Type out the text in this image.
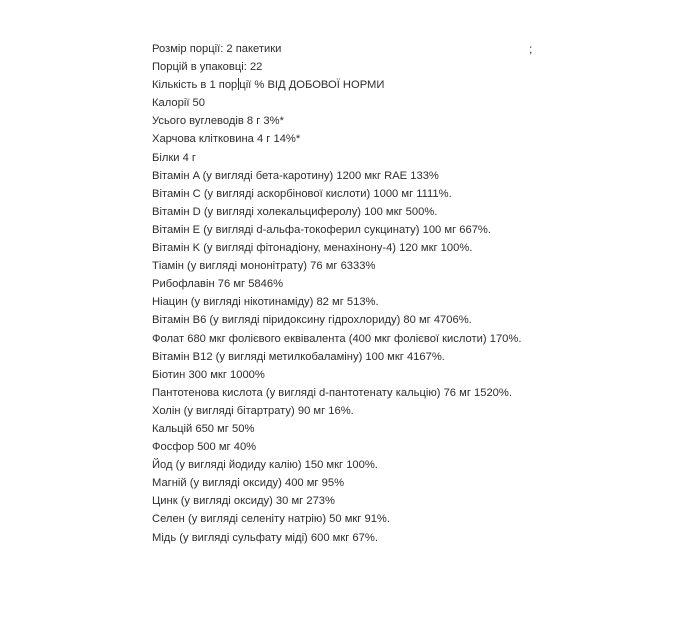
;

Розмір порції: 2 пакетики

Порцій в упаковці: 22

Кількість в 1 пор ції % ВІД ДОБОВОЇ НОРМИ

Калорії 50

Усього вуглеводів 8 г 3%*

Харчова клітковина 4 г 14%*

Білки 4 г

Вітамін A (у вигляді бета-каротину) 1200 мкг RAE 133%

Вітамін C (у вигляді аскорбінової кислоти) 1000 мг 1111%.

Вітамін D (у вигляді холекальциферолу) 100 мкг 500%.

Вітамін E (у вигляді d-альфа-токоферил сукцинату) 100 мг 667%.

Вітамін K (у вигляді фітонадіону, менахінону-4) 120 мкг 100%.

Тіамін (у вигляді мононітрату) 76 мг 6333%

Рибофлавін 76 мг 5846%

Ніацин (у вигляді нікотинаміду) 82 мг 513%.

Вітамін B6 (у вигляді піридоксину гідрохлориду) 80 мг 4706%.

Фолат 680 мкг фолієвого еквівалента (400 мкг фолієвої кислоти) 170%.

Вітамін B12 (у вигляді метилкобаламіну) 100 мкг 4167%.

Біотин 300 мкг 1000%

Пантотенова кислота (у вигляді d-пантотенату кальцію) 76 мг 1520%.

Холін (у вигляді бітартрату) 90 мг 16%.

Кальцій 650 мг 50%

Фосфор 500 мг 40%

Йод (у вигляді йодиду калію) 150 мкг 100%.

Магній (у вигляді оксиду) 400 мг 95%

Цинк (у вигляді оксиду) 30 мг 273%

Селен (у вигляді селеніту натрію) 50 мкг 91%.

Мідь (у вигляді сульфату міді) 600 мкг 67%.
